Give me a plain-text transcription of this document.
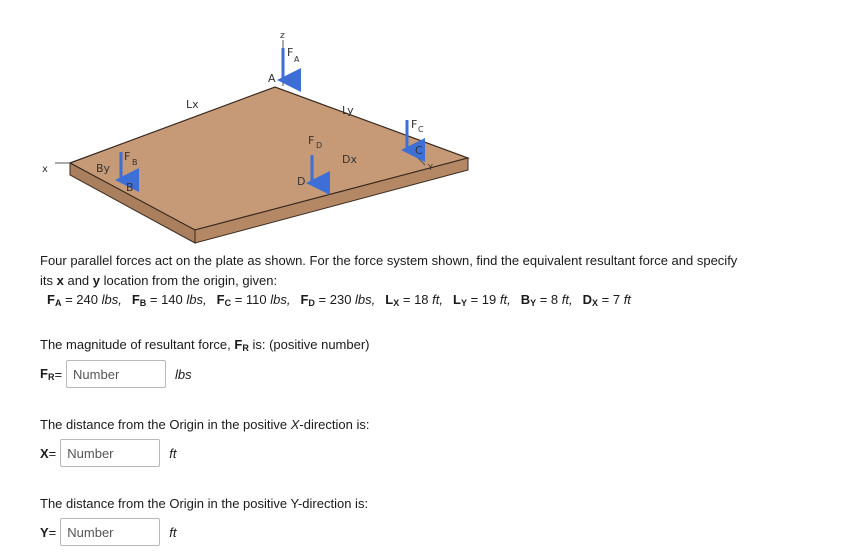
z
x	Y
Lx	Ly
By
Dx
F
A
A
F B
B
F C
C
F D
D
Four parallel forces act on the plate as shown. For the force system shown, find the equivalent resultant force and specify
its x and y location from the origin, given:
$F_A = 240$ lbs, $F_B = 140$ lbs, $F_C = 110$ lbs, $F_D = 230$ lbs, $L_X = 18$ ft, $L_Y = 19$ ft, $B_Y = 8$ ft, $D_X = 7$ ft
The magnitude of resultant force, $F_R$ is: (positive number)
$F_R$ =
Number	lbs
The distance from the Origin in the positive X-direction is:
X =
Number	ft
The distance from the Origin in the positive Y-direction is:
Y =
Number	ft
